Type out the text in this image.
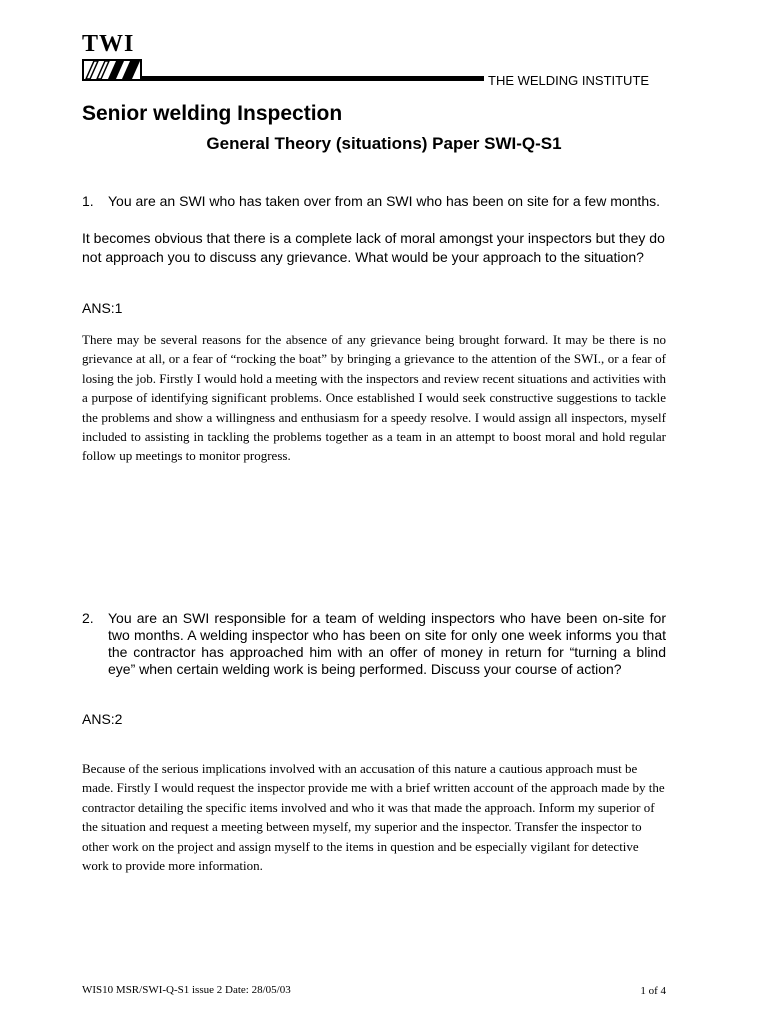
TWI
THE WELDING INSTITUTE
Senior welding Inspection
General Theory (situations) Paper SWI-Q-S1
1. You are an SWI who has taken over from an SWI who has been on site for a few months.
It becomes obvious that there is a complete lack of moral amongst your inspectors but they do not approach you to discuss any grievance. What would be your approach to the situation?
ANS:1
There may be several reasons for the absence of any grievance being brought forward. It may be there is no grievance at all, or a fear of “rocking the boat” by bringing a grievance to the attention of the SWI., or a fear of losing the job. Firstly I would hold a meeting with the inspectors and review recent situations and activities with a purpose of identifying significant problems. Once established I would seek constructive suggestions to tackle the problems and show a willingness and enthusiasm for a speedy resolve. I would assign all inspectors, myself included to assisting in tackling the problems together as a team in an attempt to boost moral and hold regular follow up meetings to monitor progress.
2. You are an SWI responsible for a team of welding inspectors who have been on-site for two months. A welding inspector who has been on site for only one week informs you that the contractor has approached him with an offer of money in return for “turning a blind eye” when certain welding work is being performed. Discuss your course of action?
ANS:2
Because of the serious implications involved with an accusation of this nature a cautious approach must be made. Firstly I would request the inspector provide me with a brief written account of the approach made by the contractor detailing the specific items involved and who it was that made the approach. Inform my superior of the situation and request a meeting between myself, my superior and the inspector. Transfer the inspector to other work on the project and assign myself to the items in question and be especially vigilant for detective work to provide more information.
WIS10 MSR/SWI-Q-S1 issue 2 Date: 28/05/03	1 of 4
